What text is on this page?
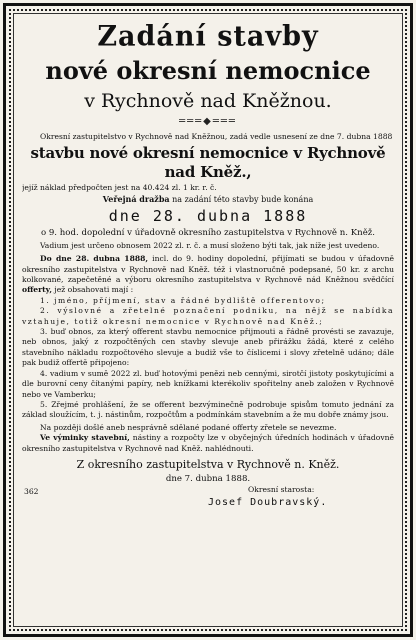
Zadání stavby
nové okresní nemocnice
v Rychnově nad Kněžnou.
═══◆═══
Okresní zastupitelstvo v Rychnově nad Kněžnou, zadá vedle usnesení ze dne 7. dubna 1888
stavbu nové okresní nemocnice v Rychnově nad Kněž.,
jejíž náklad předpočten jest na 40.424 zl. 1 kr. r. č.
Veřejná dražba na zadání této stavby bude konána
dne 28. dubna 1888
o 9. hod. dopolední v úřadovně okresního zastupitelstva v Rychnově n. Kněž.
Vadium jest určeno obnosem 2022 zl. r. č. a musí složeno býti tak, jak níže jest uvedeno.
Do dne 28. dubna 1888, incl. do 9. hodiny dopolední, přijímati se budou v úřadovně okresního zastupitelstva v Rychnově nad Kněž. též i vlastnoručně podepsané, 50 kr. z archu kolkované, zapečetěné a výboru okresního zastupitelstva v Rychnově nád Kněžnou svědčící offerty, jež obsahovati mají :
1. jméno, příjmení, stav a řádné bydliště offerentovo;
2. výslovné a zřetelné poznačení podniku, na nějž se nabídka vztahuje, totiž okresní nemocnice v Rychnově nad Kněž.;
3. buď obnos, za který offerent stavbu nemocnice přijmouti a řádně provésti se zavazuje, neb obnos, jaký z rozpočtěných cen stavby slevuje aneb přirážku žádá, které z celého stavebního nákladu rozpočtového slevuje a budiž vše to číslicemi i slovy zřetelně udáno; dále pak budiž offertě připojeno:
4. vadium v sumě 2022 zl. buď hotovými penězi neb cennými, sirotčí jistoty poskytujícími a dle burovní ceny čítanými papíry, neb knížkami kterékoliv spořitelny aneb založen v Rychnově nebo ve Vamberku;
5. Zřejmé prohlášení, že se offerent bezvýminečně podrobuje spisům tomuto jednání za základ sloužícím, t. j. nástinům, rozpočtům a podmínkám stavebním a že mu dobře známy jsou.
Na později došlé aneb nesprávně sdělané podané offerty zřetele se nevezme.
Ve výminky stavební, nástiny a rozpočty lze v obyčejných úředních hodinách v úřadovně okresního zastupitelstva v Rychnově nad Kněž. nahlédnouti.
Z okresního zastupitelstva v Rychnově n. Kněž.
dne 7. dubna 1888.
362	Okresní starosta:
Josef Doubravský.
